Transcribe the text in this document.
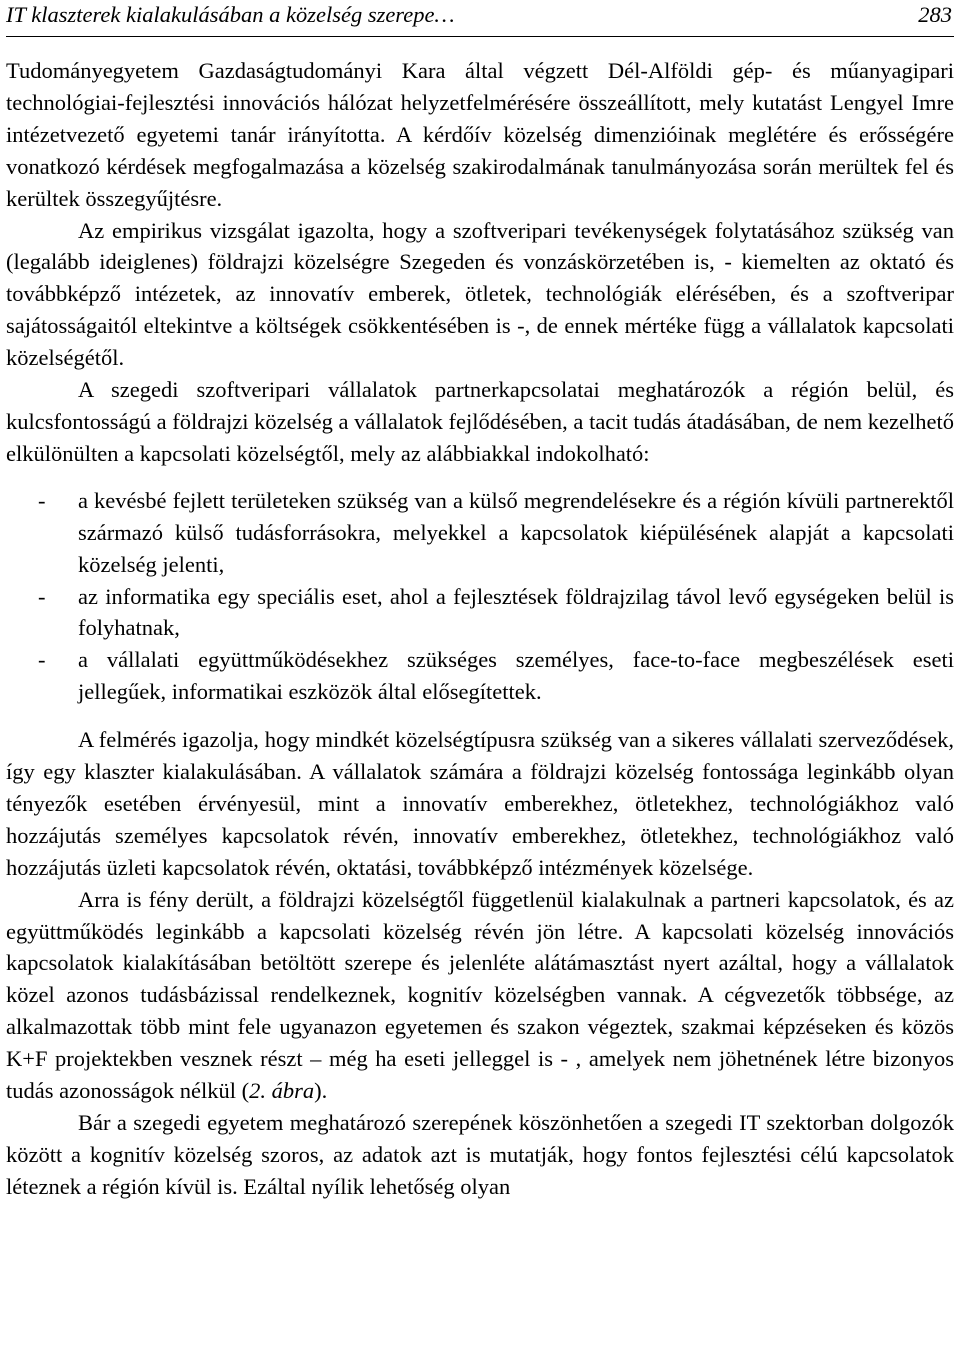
IT klaszterek kialakulásában a közelség szerepe…	283

Tudományegyetem Gazdaságtudományi Kara által végzett Dél-Alföldi gép- és műanyagipari technológiai-fejlesztési innovációs hálózat helyzetfelmérésére összeállított, mely kutatást Lengyel Imre intézetvezető egyetemi tanár irányította. A kérdőív közelség dimenzióinak meglétére és erősségére vonatkozó kérdések megfogalmazása a közelség szakirodalmának tanulmányozása során merültek fel és kerültek összegyűjtésre.

Az empirikus vizsgálat igazolta, hogy a szoftveripari tevékenységek folytatásához szükség van (legalább ideiglenes) földrajzi közelségre Szegeden és vonzáskörzetében is, - kiemelten az oktató és továbbképző intézetek, az innovatív emberek, ötletek, technológiák elérésében, és a szoftveripar sajátosságaitól eltekintve a költségek csökkentésében is -, de ennek mértéke függ a vállalatok kapcsolati közelségétől.

A szegedi szoftveripari vállalatok partnerkapcsolatai meghatározók a régión belül, és kulcsfontosságú a földrajzi közelség a vállalatok fejlődésében, a tacit tudás átadásában, de nem kezelhető elkülönülten a kapcsolati közelségtől, mely az alábbiakkal indokolható:

- a kevésbé fejlett területeken szükség van a külső megrendelésekre és a régión kívüli partnerektől származó külső tudásforrásokra, melyekkel a kapcsolatok kiépülésének alapját a kapcsolati közelség jelenti,
- az informatika egy speciális eset, ahol a fejlesztések földrajzilag távol levő egységeken belül is folyhatnak,
- a vállalati együttműködésekhez szükséges személyes, face-to-face megbeszélések eseti jellegűek, informatikai eszközök által elősegítettek.

A felmérés igazolja, hogy mindkét közelségtípusra szükség van a sikeres vállalati szerveződések, így egy klaszter kialakulásában. A vállalatok számára a földrajzi közelség fontossága leginkább olyan tényezők esetében érvényesül, mint a innovatív emberekhez, ötletekhez, technológiákhoz való hozzájutás személyes kapcsolatok révén, innovatív emberekhez, ötletekhez, technológiákhoz való hozzájutás üzleti kapcsolatok révén, oktatási, továbbképző intézmények közelsége.

Arra is fény derült, a földrajzi közelségtől függetlenül kialakulnak a partneri kapcsolatok, és az együttműködés leginkább a kapcsolati közelség révén jön létre. A kapcsolati közelség innovációs kapcsolatok kialakításában betöltött szerepe és jelenléte alátámasztást nyert azáltal, hogy a vállalatok közel azonos tudásbázissal rendelkeznek, kognitív közelségben vannak. A cégvezetők többsége, az alkalmazottak több mint fele ugyanazon egyetemen és szakon végeztek, szakmai képzéseken és közös K+F projektekben vesznek részt – még ha eseti jelleggel is - , amelyek nem jöhetnének létre bizonyos tudás azonosságok nélkül (2. ábra).

Bár a szegedi egyetem meghatározó szerepének köszönhetően a szegedi IT szektorban dolgozók között a kognitív közelség szoros, az adatok azt is mutatják, hogy fontos fejlesztési célú kapcsolatok léteznek a régión kívül is. Ezáltal nyílik lehetőség olyan
